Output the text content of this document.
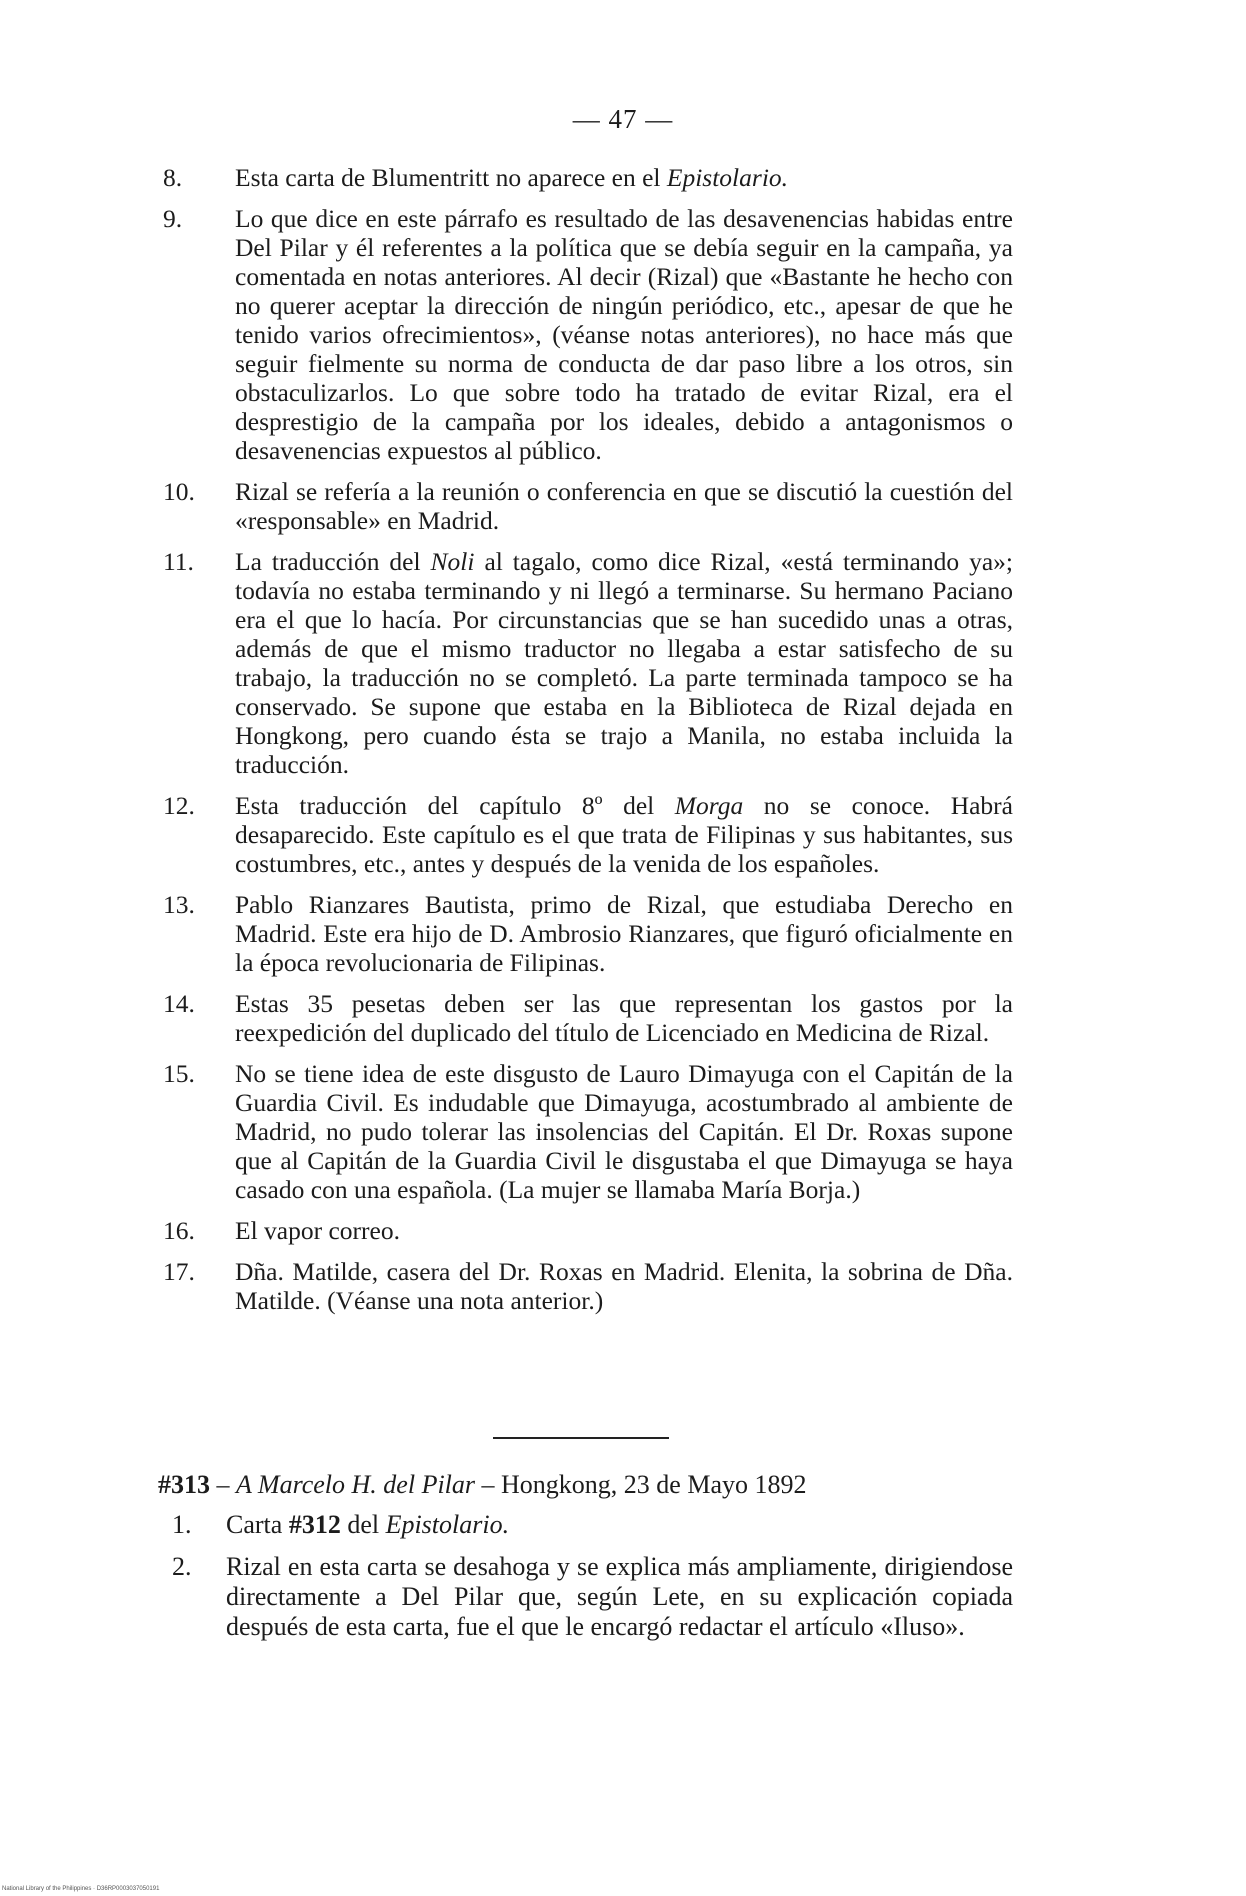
— 47 —

8. Esta carta de Blumentritt no aparece en el Epistolario.

9. Lo que dice en este párrafo es resultado de las desavenencias habidas entre Del Pilar y él referentes a la política que se debía seguir en la campaña, ya comentada en notas anteriores. Al decir (Rizal) que «Bastante he hecho con no querer aceptar la dirección de ningún periódico, etc., apesar de que he tenido varios ofrecimientos», (véanse notas anteriores), no hace más que seguir fielmente su norma de conducta de dar paso libre a los otros, sin obstaculizarlos. Lo que sobre todo ha tratado de evitar Rizal, era el desprestigio de la campaña por los ideales, debido a antagonismos o desavenencias expuestos al público.

10. Rizal se refería a la reunión o conferencia en que se discutió la cuestión del «responsable» en Madrid.

11. La traducción del Noli al tagalo, como dice Rizal, «está terminando ya»; todavía no estaba terminando y ni llegó a terminarse. Su hermano Paciano era el que lo hacía. Por circunstancias que se han sucedido unas a otras, además de que el mismo traductor no llegaba a estar satisfecho de su trabajo, la traducción no se completó. La parte terminada tampoco se ha conservado. Se supone que estaba en la Biblioteca de Rizal dejada en Hongkong, pero cuando ésta se trajo a Manila, no estaba incluida la traducción.

12. Esta traducción del capítulo 8º del Morga no se conoce. Habrá desaparecido. Este capítulo es el que trata de Filipinas y sus habitantes, sus costumbres, etc., antes y después de la venida de los españoles.

13. Pablo Rianzares Bautista, primo de Rizal, que estudiaba Derecho en Madrid. Este era hijo de D. Ambrosio Rianzares, que figuró oficialmente en la época revolucionaria de Filipinas.

14. Estas 35 pesetas deben ser las que representan los gastos por la reexpedición del duplicado del título de Licenciado en Medicina de Rizal.

15. No se tiene idea de este disgusto de Lauro Dimayuga con el Capitán de la Guardia Civil. Es indudable que Dimayuga, acostumbrado al ambiente de Madrid, no pudo tolerar las insolencias del Capitán. El Dr. Roxas supone que al Capitán de la Guardia Civil le disgustaba el que Dimayuga se haya casado con una española. (La mujer se llamaba María Borja.)

16. El vapor correo.

17. Dña. Matilde, casera del Dr. Roxas en Madrid. Elenita, la sobrina de Dña. Matilde. (Véanse una nota anterior.)

#313 – A Marcelo H. del Pilar – Hongkong, 23 de Mayo 1892

1. Carta #312 del Epistolario.

2. Rizal en esta carta se desahoga y se explica más ampliamente, dirigiendose directamente a Del Pilar que, según Lete, en su explicación copiada después de esta carta, fue el que le encargó redactar el artículo «Iluso».

National Library of the Philippines · D36RP0003037050191
